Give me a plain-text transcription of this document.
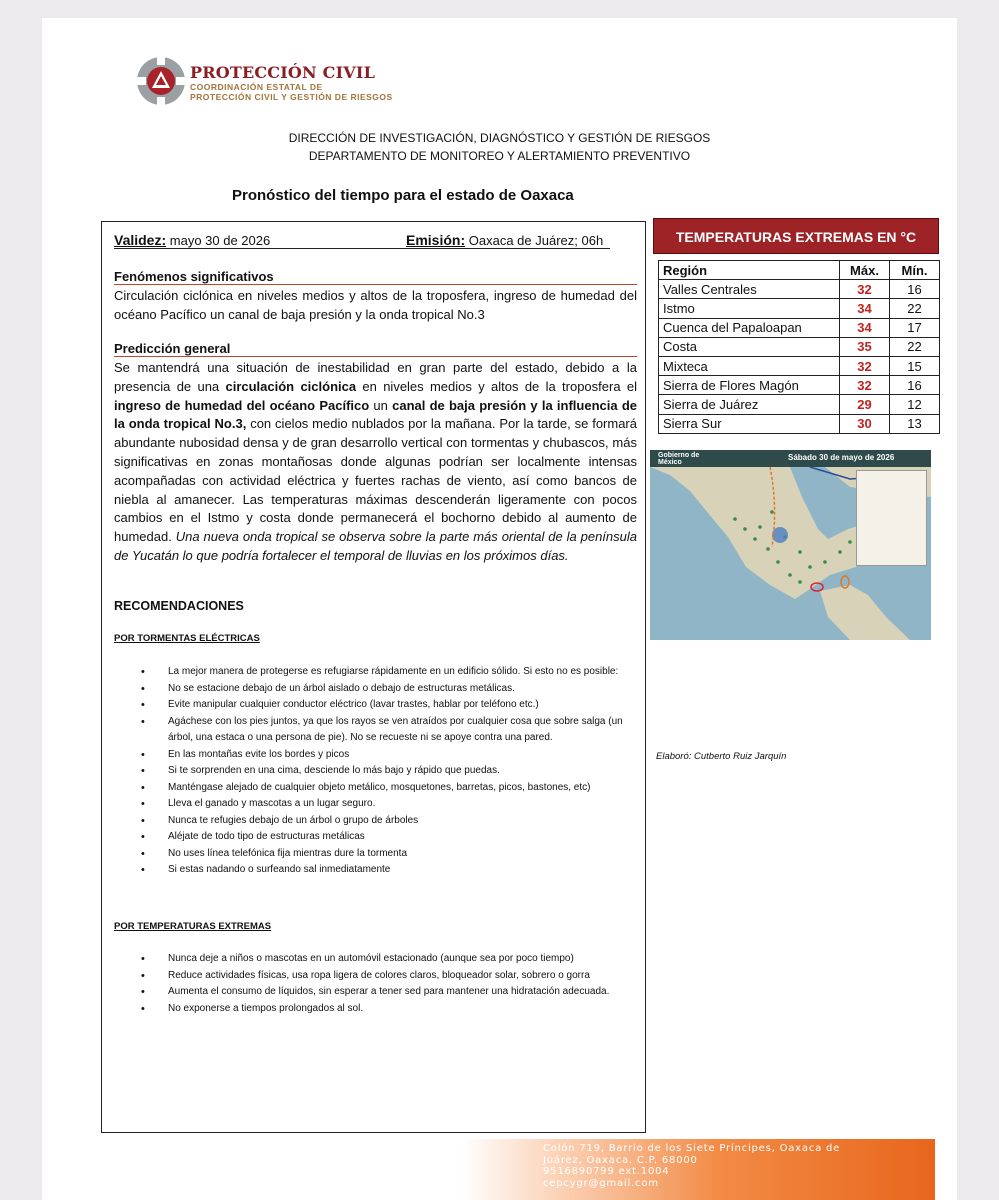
PROTECCIÓN CIVIL
COORDINACIÓN ESTATAL DE
PROTECCIÓN CIVIL Y GESTIÓN DE RIESGOS
DIRECCIÓN DE INVESTIGACIÓN, DIAGNÓSTICO Y GESTIÓN DE RIESGOS
DEPARTAMENTO DE MONITOREO Y ALERTAMIENTO PREVENTIVO
Pronóstico del tiempo para el estado de Oaxaca
Validez: mayo 30 de 2026	Emisión: Oaxaca de Juárez; 06h
Fenómenos significativos
Circulación ciclónica en niveles medios y altos de la troposfera, ingreso de humedad del océano Pacífico un canal de baja presión y la onda tropical No.3
Predicción general
Se mantendrá una situación de inestabilidad en gran parte del estado, debido a la presencia de una circulación ciclónica en niveles medios y altos de la troposfera el ingreso de humedad del océano Pacífico un canal de baja presión y la influencia de la onda tropical No.3, con cielos medio nublados por la mañana. Por la tarde, se formará abundante nubosidad densa y de gran desarrollo vertical con tormentas y chubascos, más significativas en zonas montañosas donde algunas podrían ser localmente intensas acompañadas con actividad eléctrica y fuertes rachas de viento, así como bancos de niebla al amanecer. Las temperaturas máximas descenderán ligeramente con pocos cambios en el Istmo y costa donde permanecerá el bochorno debido al aumento de humedad. Una nueva onda tropical se observa sobre la parte más oriental de la península de Yucatán lo que podría fortalecer el temporal de lluvias en los próximos días.
RECOMENDACIONES
POR TORMENTAS ELÉCTRICAS
• La mejor manera de protegerse es refugiarse rápidamente en un edificio sólido. Si esto no es posible:
• No se estacione debajo de un árbol aislado o debajo de estructuras metálicas.
• Evite manipular cualquier conductor eléctrico (lavar trastes, hablar por teléfono etc.)
• Agáchese con los pies juntos, ya que los rayos se ven atraídos por cualquier cosa que sobre salga (un árbol, una estaca o una persona de pie). No se recueste ni se apoye contra una pared.
• En las montañas evite los bordes y picos
• Si te sorprenden en una cima, desciende lo más bajo y rápido que puedas.
• Manténgase alejado de cualquier objeto metálico, mosquetones, barretas, picos, bastones, etc)
• Lleva el ganado y mascotas a un lugar seguro.
• Nunca te refugies debajo de un árbol o grupo de árboles
• Aléjate de todo tipo de estructuras metálicas
• No uses línea telefónica fija mientras dure la tormenta
• Si estas nadando o surfeando sal inmediatamente
POR TEMPERATURAS EXTREMAS
• Nunca deje a niños o mascotas en un automóvil estacionado (aunque sea por poco tiempo)
• Reduce actividades físicas, usa ropa ligera de colores claros, bloqueador solar, sobrero o gorra
• Aumenta el consumo de líquidos, sin esperar a tener sed para mantener una hidratación adecuada.
• No exponerse a tiempos prolongados al sol.
TEMPERATURAS EXTREMAS EN °C
Región	Máx.	Mín.
Valles Centrales	32	16
Istmo	34	22
Cuenca del Papaloapan	34	17
Costa	35	22
Mixteca	32	15
Sierra de Flores Magón	32	16
Sierra de Juárez	29	12
Sierra Sur	30	13
Gobierno de
México
Sábado 30 de mayo de 2026
Elaboró: Cutberto Ruiz Jarquín
Colón 719, Barrio de los Siete Príncipes, Oaxaca de
Juárez, Oaxaca. C.P. 68000
9516890799 ext.1004
cepcygr@gmail.com
